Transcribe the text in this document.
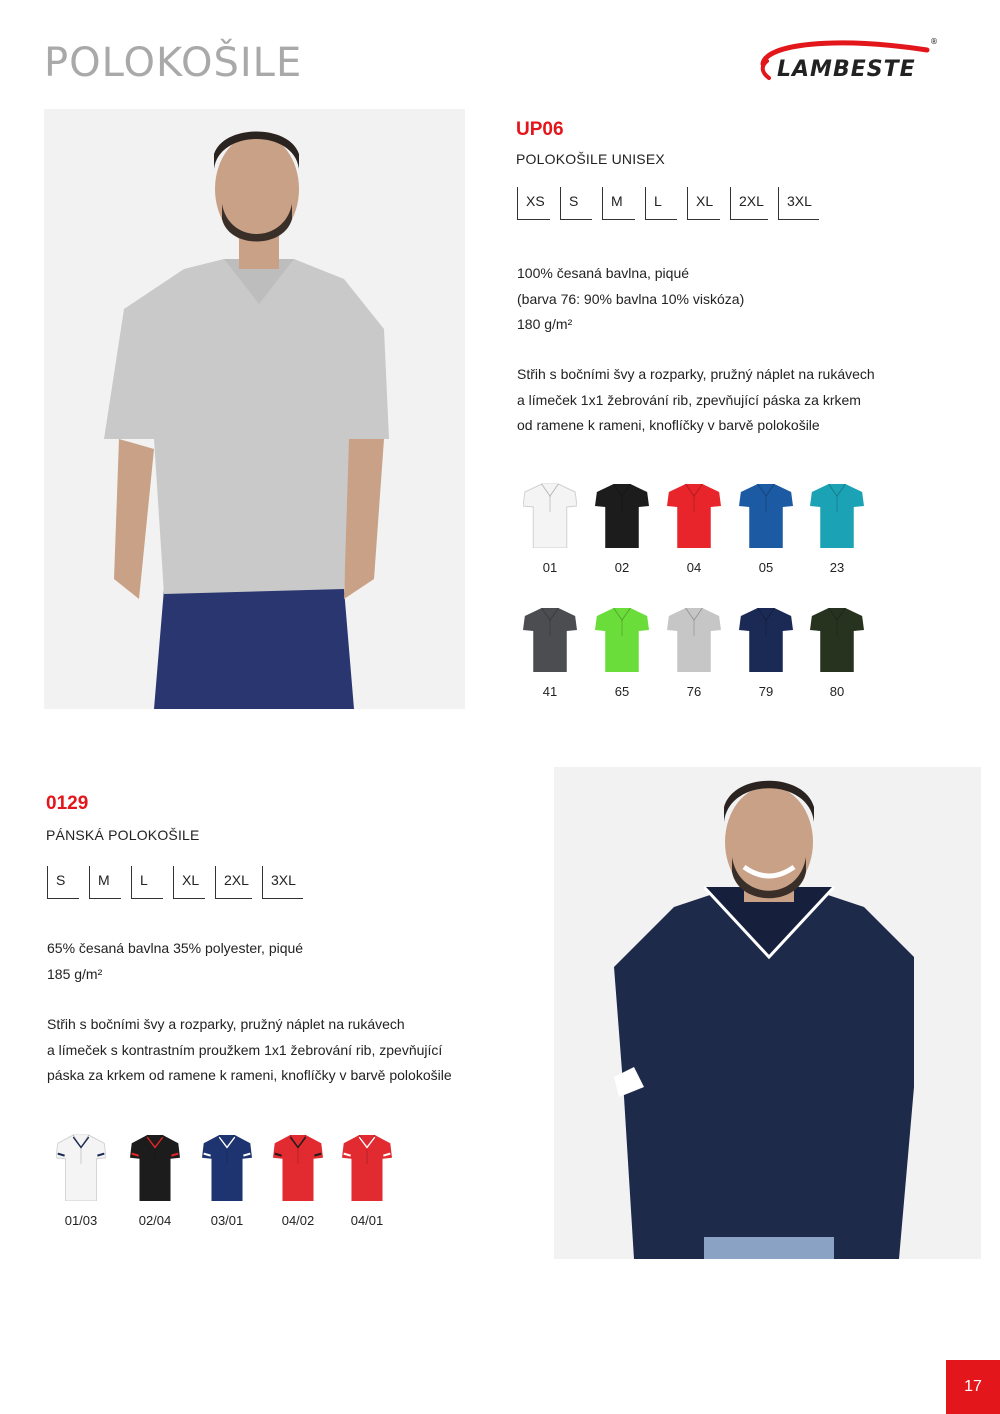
POLOKOŠILE	LAMBESTE
®
UP06
POLOKOŠILE UNISEX
XS	S	M	L	XL	2XL	3XL

100% česaná bavlna, piqué

(barva 76: 90% bavlna 10% viskóza)

180 g/m²

Střih s bočními švy a rozparky, pružný náplet na rukávech

a límeček 1x1 žebrování rib, zpevňující páska za krkem

od ramene k rameni, knoflíčky v barvě polokošile

01	02	04	05	23
41	65	76	79	80
0129
PÁNSKÁ POLOKOŠILE
S	M	L	XL	2XL	3XL

65% česaná bavlna 35% polyester, piqué

185 g/m²

Střih s bočními švy a rozparky, pružný náplet na rukávech

a límeček s kontrastním proužkem 1x1 žebrování rib, zpevňující

páska za krkem od ramene k rameni, knoflíčky v barvě polokošile

01/03	02/04	03/01	04/02	04/01
17
